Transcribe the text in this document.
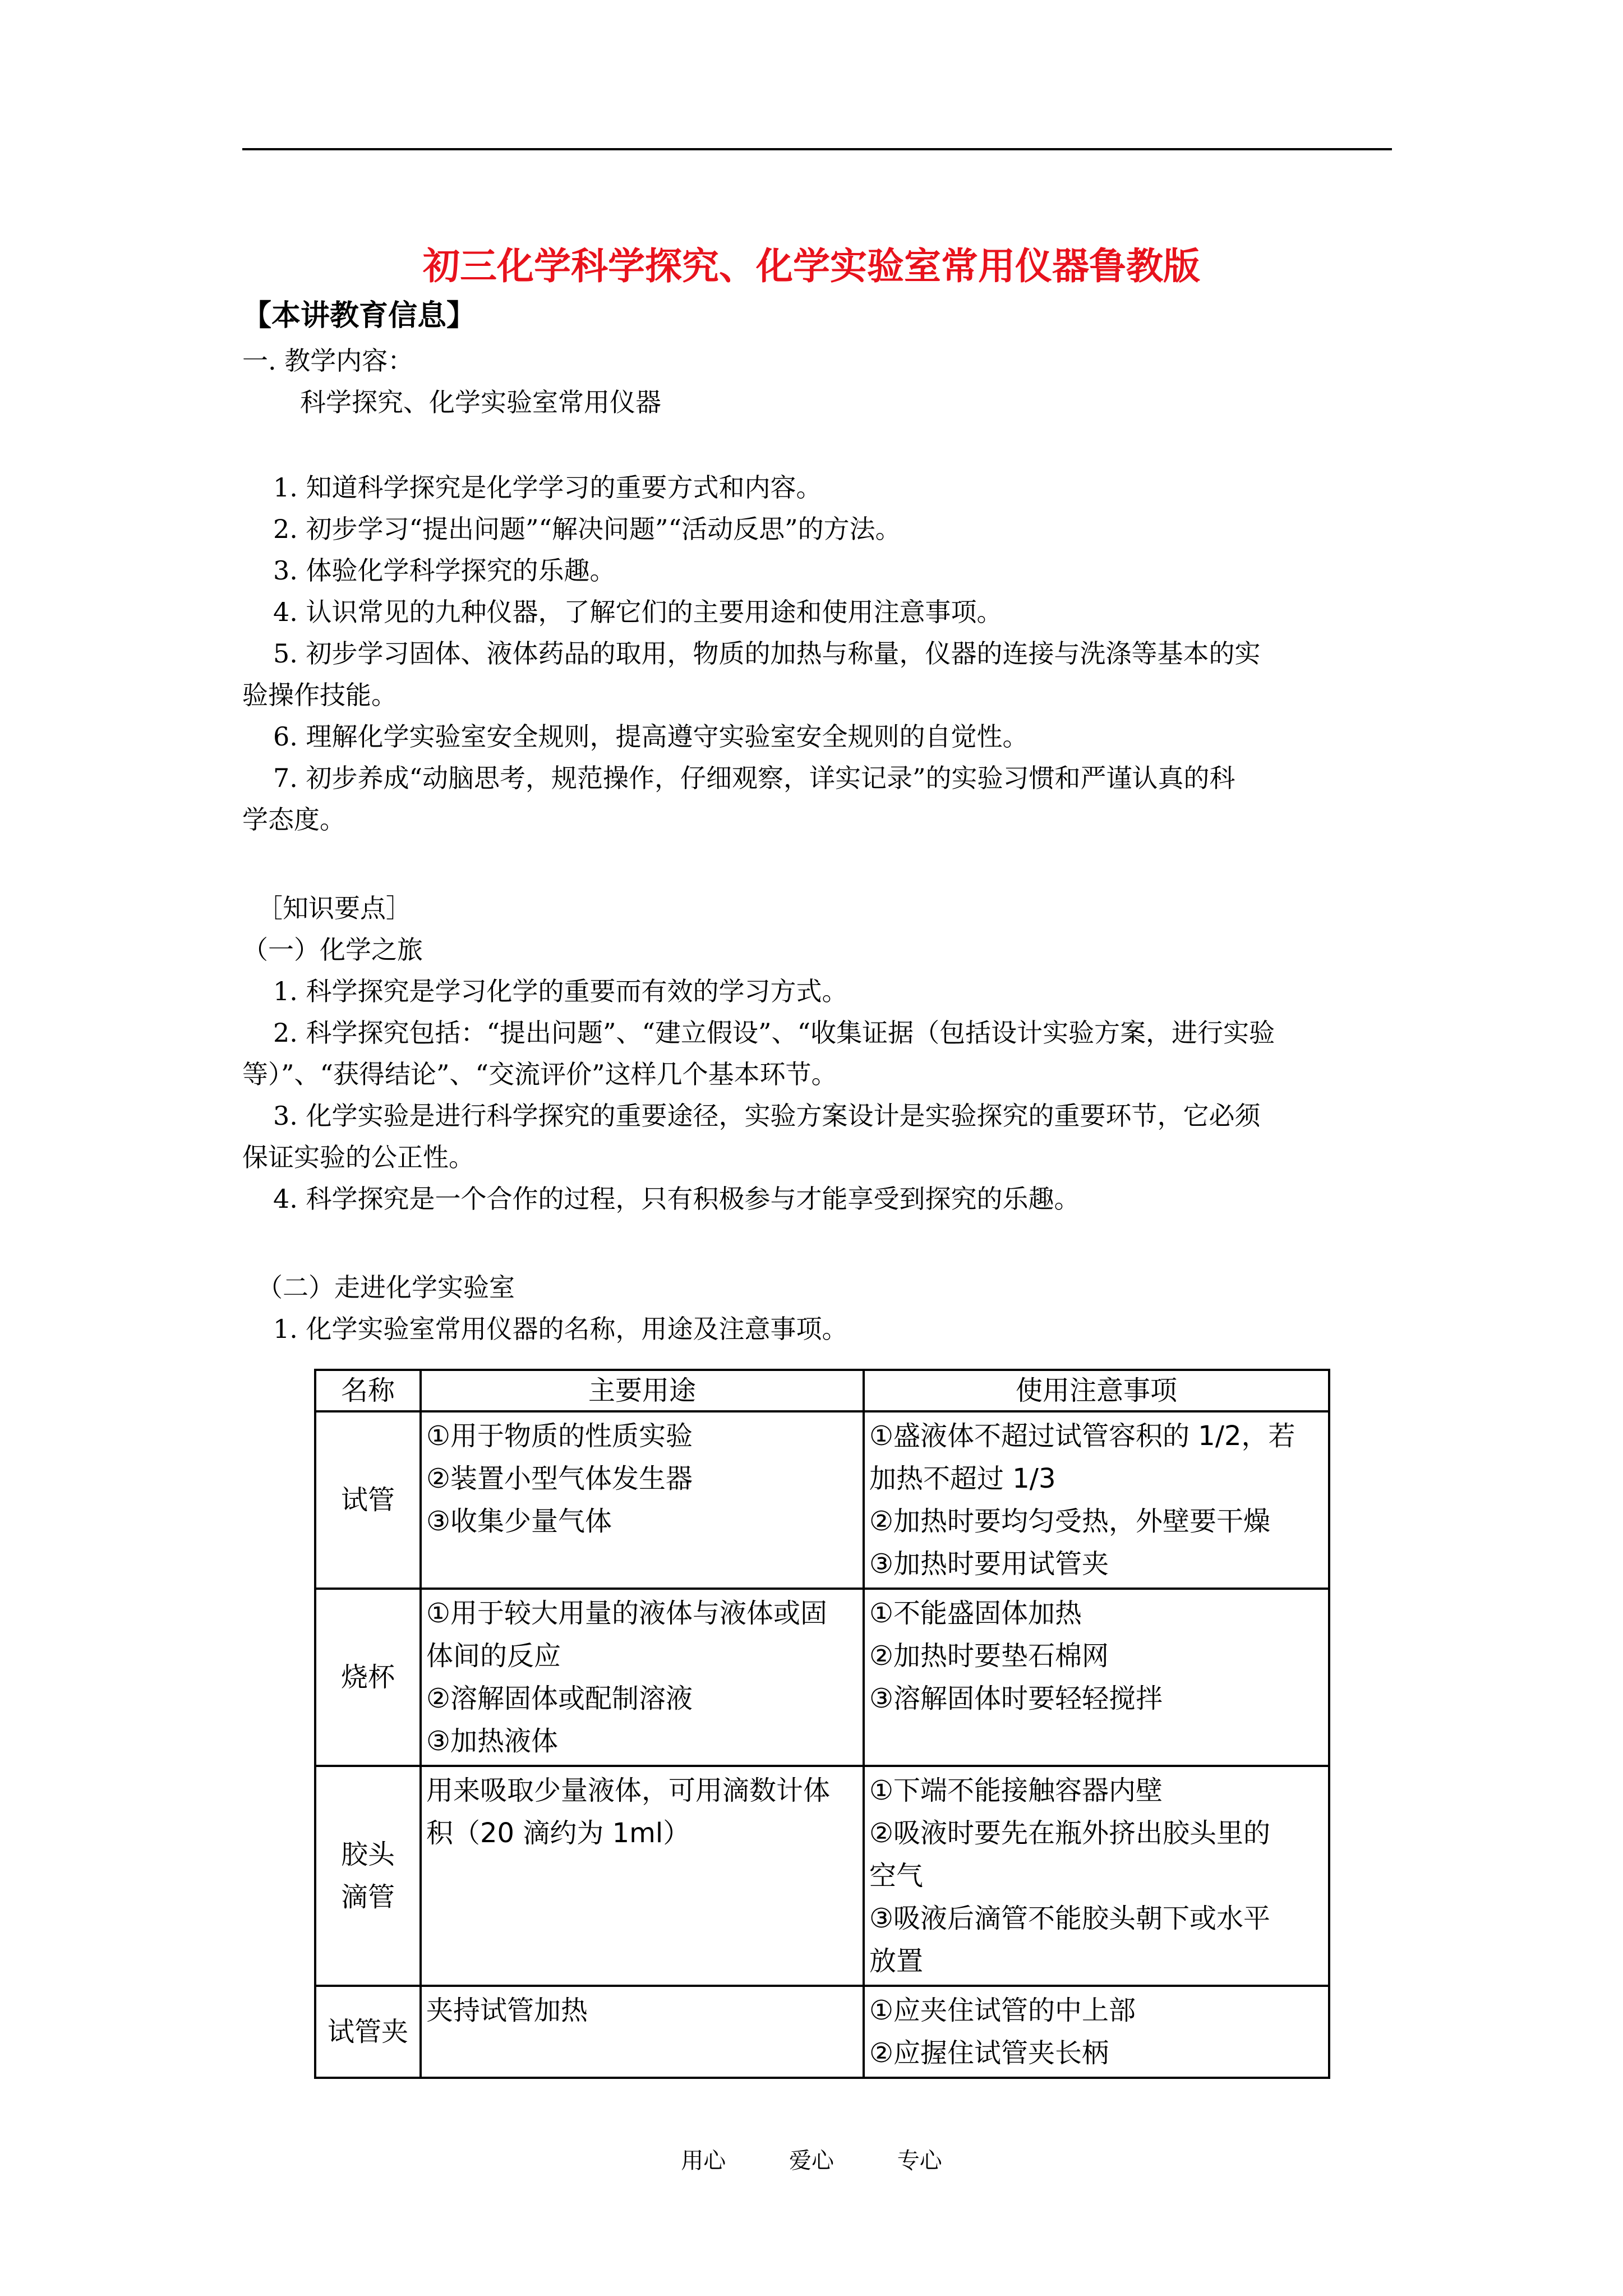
初三化学科学探究、化学实验室常用仪器鲁教版
【本讲教育信息】
一. 教学内容：
科学探究、化学实验室常用仪器
1. 知道科学探究是化学学习的重要方式和内容。
2. 初步学习“提出问题”“解决问题”“活动反思”的方法。
3. 体验化学科学探究的乐趣。
4. 认识常见的九种仪器，了解它们的主要用途和使用注意事项。
5. 初步学习固体、液体药品的取用，物质的加热与称量，仪器的连接与洗涤等基本的实
验操作技能。
6. 理解化学实验室安全规则，提高遵守实验室安全规则的自觉性。
7. 初步养成“动脑思考，规范操作，仔细观察，详实记录”的实验习惯和严谨认真的科
学态度。
［知识要点］
（一）化学之旅
1. 科学探究是学习化学的重要而有效的学习方式。
2. 科学探究包括：“提出问题”、“建立假设”、“收集证据（包括设计实验方案，进行实验
等）”、“获得结论”、“交流评价”这样几个基本环节。
3. 化学实验是进行科学探究的重要途径，实验方案设计是实验探究的重要环节，它必须
保证实验的公正性。
4. 科学探究是一个合作的过程，只有积极参与才能享受到探究的乐趣。
（二）走进化学实验室
1. 化学实验室常用仪器的名称，用途及注意事项。
名称	主要用途	使用注意事项

试管	①用于物质的性质实验
②装置小型气体发生器
③收集少量气体	①盛液体不超过试管容积的 1/2，若
加热不超过 1/3
②加热时要均匀受热，外壁要干燥
③加热时要用试管夹

烧杯	①用于较大用量的液体与液体或固
体间的反应
②溶解固体或配制溶液
③加热液体	①不能盛固体加热
②加热时要垫石棉网
③溶解固体时要轻轻搅拌

胶头
滴管	用来吸取少量液体，可用滴数计体
积（20 滴约为 1ml）	①下端不能接触容器内壁
②吸液时要先在瓶外挤出胶头里的
空气
③吸液后滴管不能胶头朝下或水平
放置

试管夹	夹持试管加热	①应夹住试管的中上部
②应握住试管夹长柄
用心	爱心	专心
